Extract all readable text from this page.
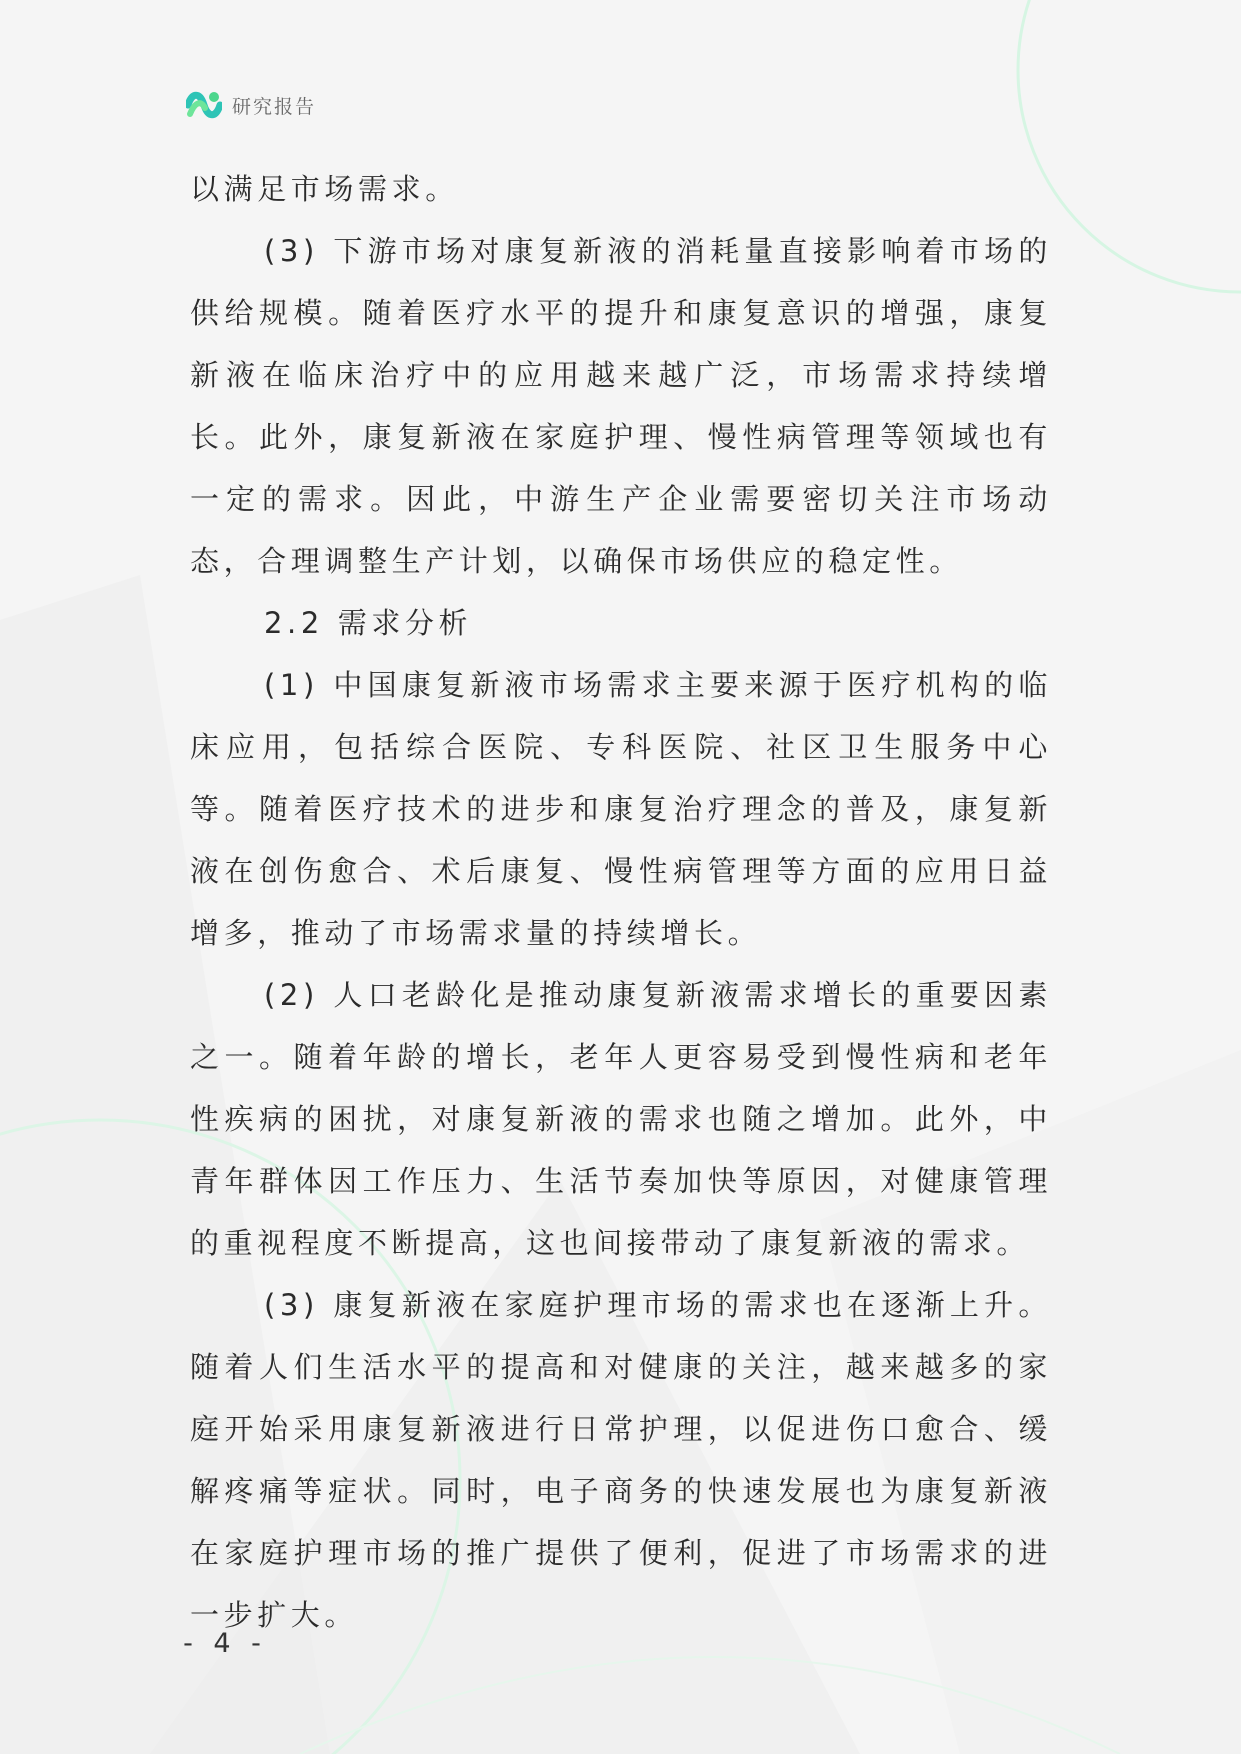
研究报告

以满足市场需求。

(3) 下游市场对康复新液的消耗量直接影响着市场的供给规模。随着医疗水平的提升和康复意识的增强，康复新液在临床治疗中的应用越来越广泛，市场需求持续增长。此外，康复新液在家庭护理、慢性病管理等领域也有一定的需求。因此，中游生产企业需要密切关注市场动态，合理调整生产计划，以确保市场供应的稳定性。

2.2 需求分析

(1) 中国康复新液市场需求主要来源于医疗机构的临床应用，包括综合医院、专科医院、社区卫生服务中心等。随着医疗技术的进步和康复治疗理念的普及，康复新液在创伤愈合、术后康复、慢性病管理等方面的应用日益增多，推动了市场需求量的持续增长。

(2) 人口老龄化是推动康复新液需求增长的重要因素之一。随着年龄的增长，老年人更容易受到慢性病和老年性疾病的困扰，对康复新液的需求也随之增加。此外，中青年群体因工作压力、生活节奏加快等原因，对健康管理的重视程度不断提高，这也间接带动了康复新液的需求。

(3) 康复新液在家庭护理市场的需求也在逐渐上升。随着人们生活水平的提高和对健康的关注，越来越多的家庭开始采用康复新液进行日常护理，以促进伤口愈合、缓解疼痛等症状。同时，电子商务的快速发展也为康复新液在家庭护理市场的推广提供了便利，促进了市场需求的进一步扩大。

- 4 -
